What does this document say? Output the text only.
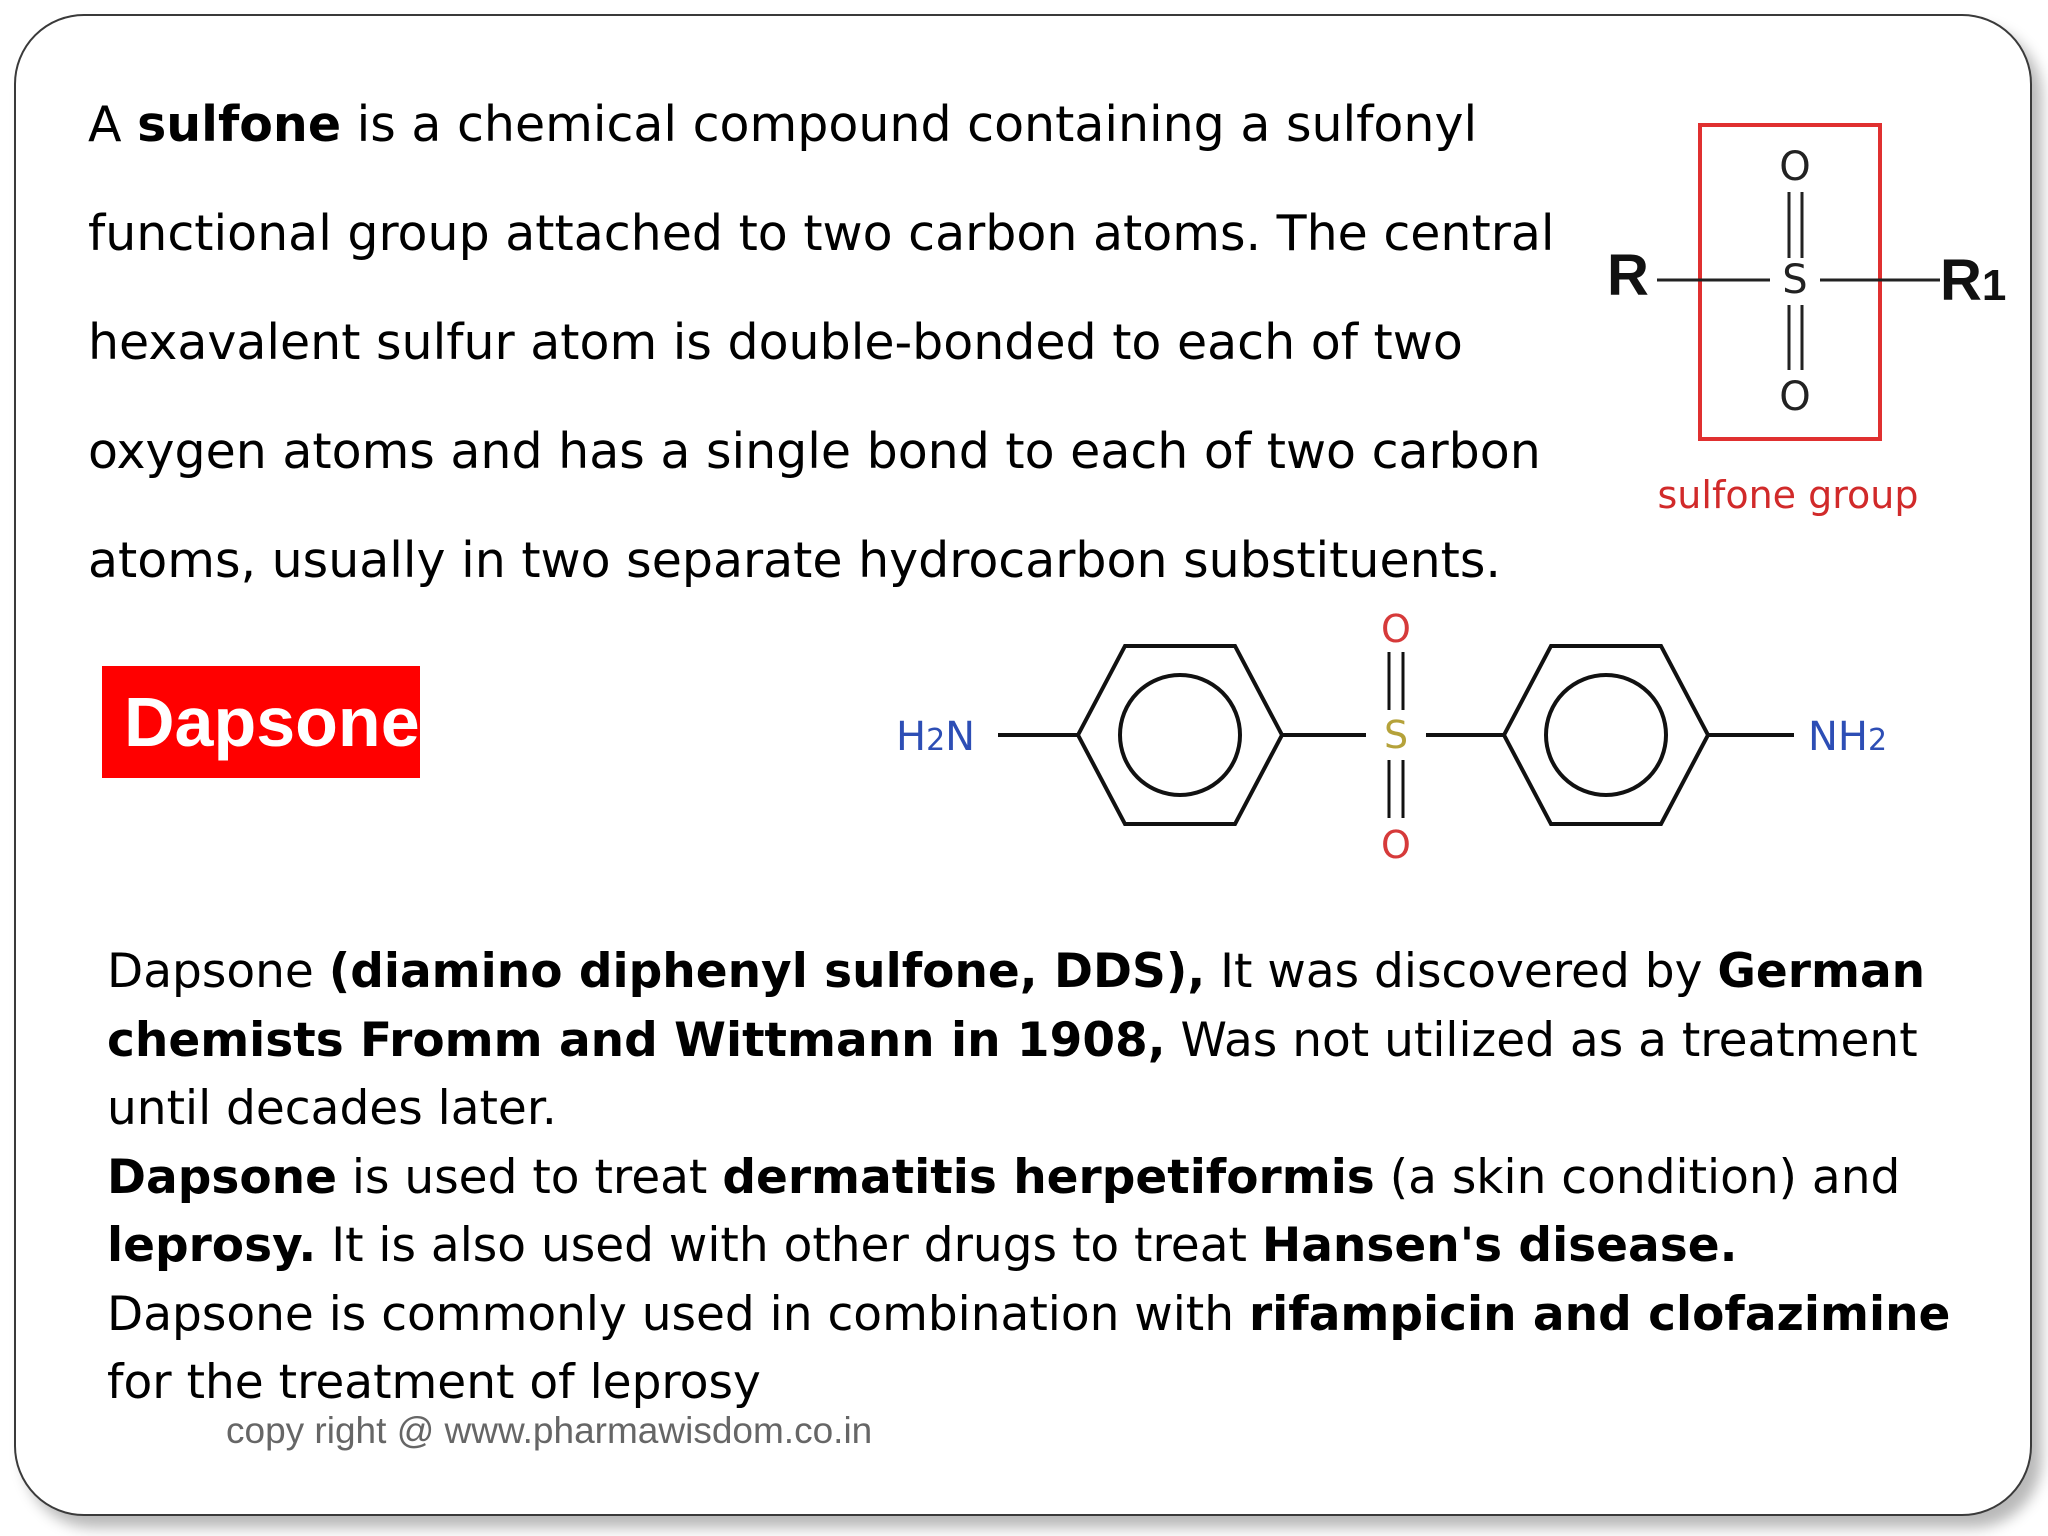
A sulfone is a chemical compound containing a sulfonyl functional group attached to two carbon atoms. The central hexavalent sulfur atom is double-bonded to each of two oxygen atoms and has a single bond to each of two carbon atoms, usually in two separate hydrocarbon substituents.

O
S
O
R	R1
sulfone group
Dapsone	H2N
O
S
O
NH2

Dapsone (diamino diphenyl sulfone, DDS), It was discovered by German chemists Fromm and Wittmann in 1908, Was not utilized as a treatment until decades later.

Dapsone is used to treat dermatitis herpetiformis (a skin condition) and leprosy. It is also used with other drugs to treat Hansen's disease.

Dapsone is commonly used in combination with rifampicin and clofazimine for the treatment of leprosy

copy right @ www.pharmawisdom.co.in
